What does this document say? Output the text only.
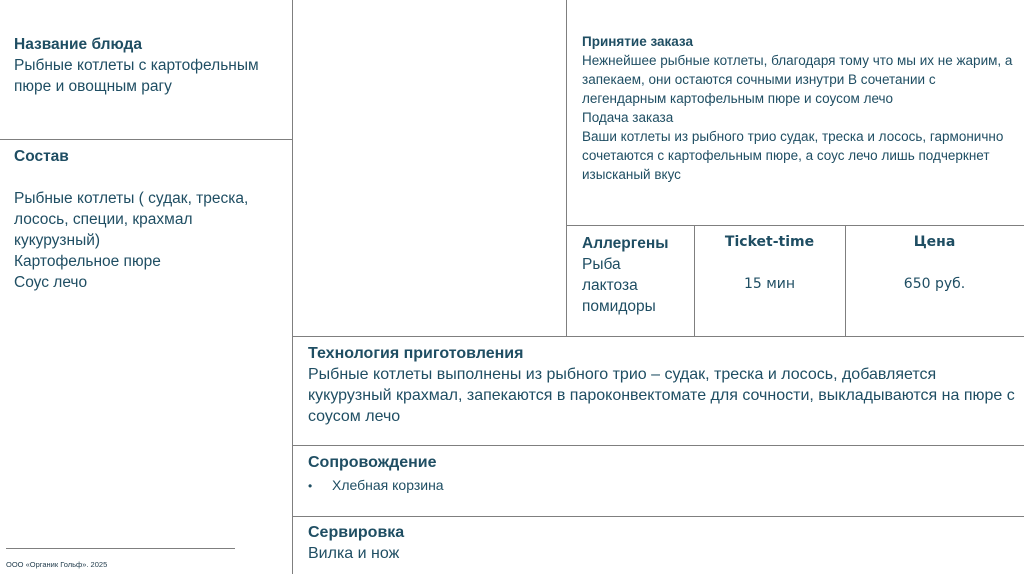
Название блюда
Рыбные котлеты с картофельным пюре и овощным рагу
Состав
Рыбные котлеты ( судак, треска,
лосось, специи, крахмал
кукурузный)
Картофельное пюре
Соус лечо
Принятие заказа
Нежнейшее рыбные котлеты, благодаря тому что мы их не жарим, а запекаем, они остаются сочными изнутри В сочетании с легендарным картофельным пюре и соусом лечо
Подача заказа
Ваши котлеты из рыбного трио судак, треска и лосось, гармонично сочетаются с картофельным пюре, а соус лечо лишь подчеркнет изысканый вкус
Аллергены
Рыба
лактоза
помидоры
Ticket-time
15 мин
Цена
650 руб.
Технология приготовления
Рыбные котлеты выполнены из рыбного трио – судак, треска и лосось, добавляется кукурузный крахмал, запекаются в пароконвектомате для сочности, выкладываются на пюре с соусом лечо
Сопровождение
•	Хлебная корзина
Сервировка
Вилка и нож
ООО «Органик Гольф». 2025
